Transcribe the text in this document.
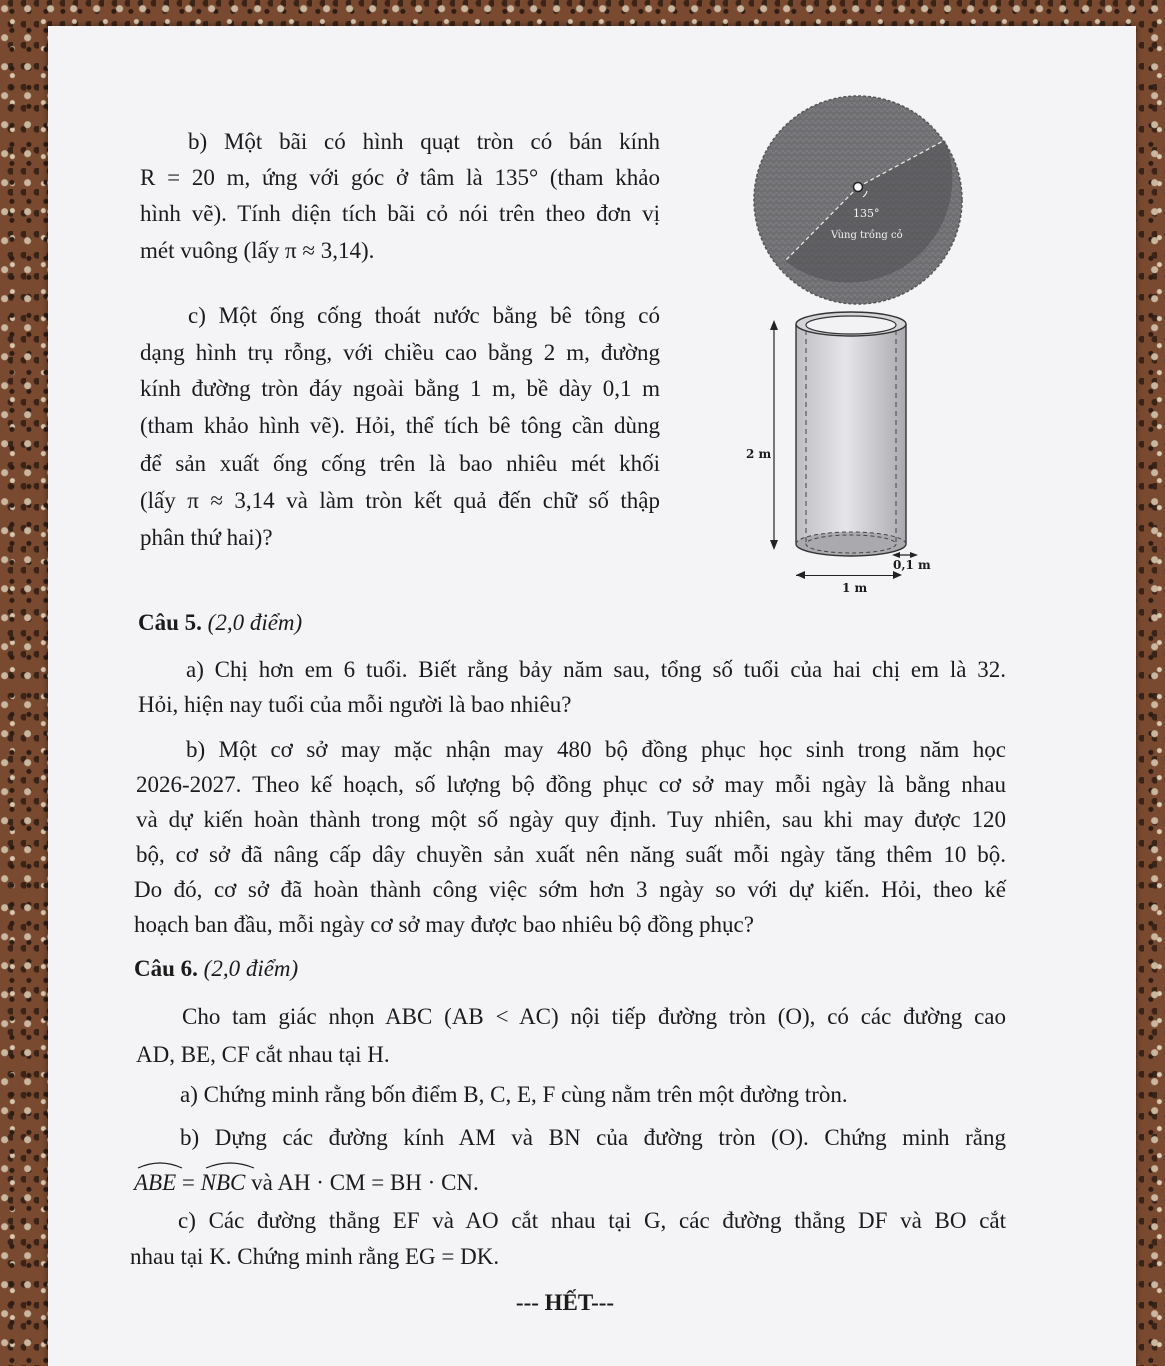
b) Một bãi có hình quạt tròn có bán kính

R = 20 m, ứng với góc ở tâm là 135° (tham khảo

hình vẽ). Tính diện tích bãi cỏ nói trên theo đơn vị

mét vuông (lấy π ≈ 3,14).

c) Một ống cống thoát nước bằng bê tông có

dạng hình trụ rỗng, với chiều cao bằng 2 m, đường

kính đường tròn đáy ngoài bằng 1 m, bề dày 0,1 m

(tham khảo hình vẽ). Hỏi, thể tích bê tông cần dùng

để sản xuất ống cống trên là bao nhiêu mét khối

(lấy π ≈ 3,14 và làm tròn kết quả đến chữ số thập

phân thứ hai)?

135°
Vùng trồng cỏ
2 m
0,1 m
1 m

Câu 5. (2,0 điểm)

a) Chị hơn em 6 tuổi. Biết rằng bảy năm sau, tổng số tuổi của hai chị em là 32.

Hỏi, hiện nay tuổi của mỗi người là bao nhiêu?

b) Một cơ sở may mặc nhận may 480 bộ đồng phục học sinh trong năm học

2026-2027. Theo kế hoạch, số lượng bộ đồng phục cơ sở may mỗi ngày là bằng nhau

và dự kiến hoàn thành trong một số ngày quy định. Tuy nhiên, sau khi may được 120

bộ, cơ sở đã nâng cấp dây chuyền sản xuất nên năng suất mỗi ngày tăng thêm 10 bộ.

Do đó, cơ sở đã hoàn thành công việc sớm hơn 3 ngày so với dự kiến. Hỏi, theo kế

hoạch ban đầu, mỗi ngày cơ sở may được bao nhiêu bộ đồng phục?

Câu 6. (2,0 điểm)

Cho tam giác nhọn ABC (AB < AC) nội tiếp đường tròn (O), có các đường cao

AD, BE, CF cắt nhau tại H.

a) Chứng minh rằng bốn điểm B, C, E, F cùng nằm trên một đường tròn.

b) Dựng các đường kính AM và BN của đường tròn (O). Chứng minh rằng

ABE = NBC và AH · CM = BH · CN.

c) Các đường thẳng EF và AO cắt nhau tại G, các đường thẳng DF và BO cắt

nhau tại K. Chứng minh rằng EG = DK.

--- HẾT---
